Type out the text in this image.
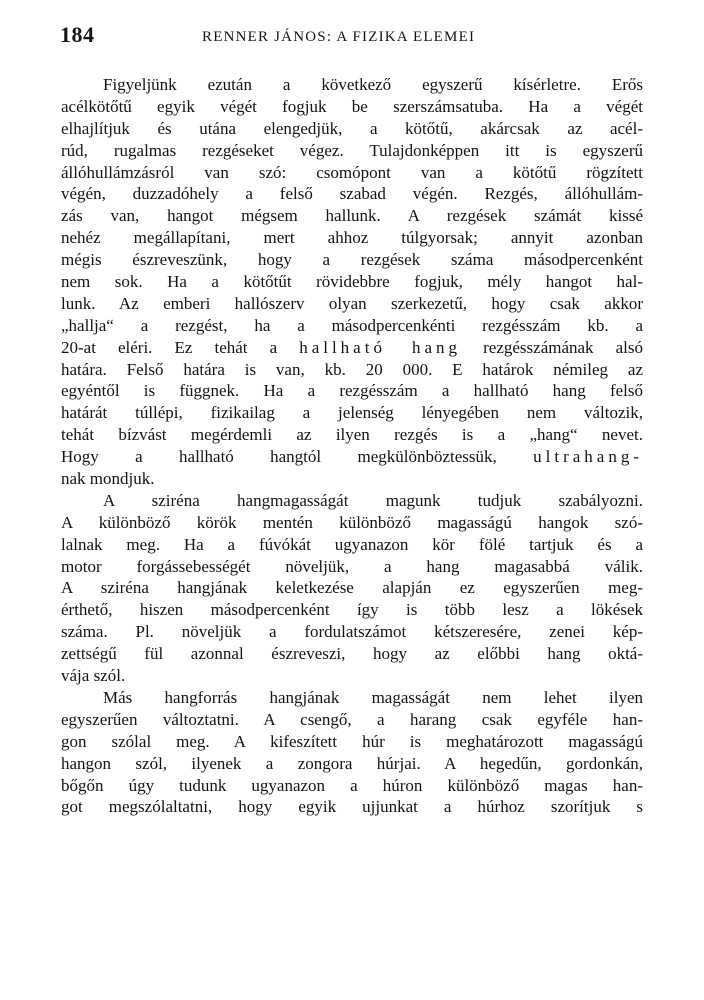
184	RENNER JÁNOS: A FIZIKA ELEMEI
Figyeljünk ezután a következő egyszerű kísérletre. Erős
acélkötőtű egyik végét fogjuk be szerszámsatuba. Ha a végét
elhajlítjuk és utána elengedjük, a kötőtű, akárcsak az acél-
rúd, rugalmas rezgéseket végez. Tulajdonképpen itt is egyszerű
állóhullámzásról van szó: csomópont van a kötőtű rögzített
végén, duzzadóhely a felső szabad végén. Rezgés, állóhullám-
zás van, hangot mégsem hallunk. A rezgések számát kissé
nehéz megállapítani, mert ahhoz túlgyorsak; annyit azonban
mégis észreveszünk, hogy a rezgések száma másodpercenként
nem sok. Ha a kötőtűt rövidebbre fogjuk, mély hangot hal-
lunk. Az emberi hallószerv olyan szerkezetű, hogy csak akkor
„hallja“ a rezgést, ha a másodpercenkénti rezgésszám kb. a
20-at eléri. Ez tehát a hallható hang rezgésszámának alsó
határa. Felső határa is van, kb. 20 000. E határok némileg az
egyéntől is függnek. Ha a rezgésszám a hallható hang felső
határát túllépi, fizikailag a jelenség lényegében nem változik,
tehát bízvást megérdemli az ilyen rezgés is a „hang“ nevet.
Hogy a hallható hangtól megkülönböztessük, ultrahang-
nak mondjuk.
A sziréna hangmagasságát magunk tudjuk szabályozni.
A különböző körök mentén különböző magasságú hangok szó-
lalnak meg. Ha a fúvókát ugyanazon kör fölé tartjuk és a
motor forgássebességét növeljük, a hang magasabbá válik.
A sziréna hangjának keletkezése alapján ez egyszerűen meg-
érthető, hiszen másodpercenként így is több lesz a lökések
száma. Pl. növeljük a fordulatszámot kétszeresére, zenei kép-
zettségű fül azonnal észreveszi, hogy az előbbi hang oktá-
vája szól.
Más hangforrás hangjának magasságát nem lehet ilyen
egyszerűen változtatni. A csengő, a harang csak egyféle han-
gon szólal meg. A kifeszített húr is meghatározott magasságú
hangon szól, ilyenek a zongora húrjai. A hegedűn, gordonkán,
bőgőn úgy tudunk ugyanazon a húron különböző magas han-
got megszólaltatni, hogy egyik ujjunkat a húrhoz szorítjuk s
